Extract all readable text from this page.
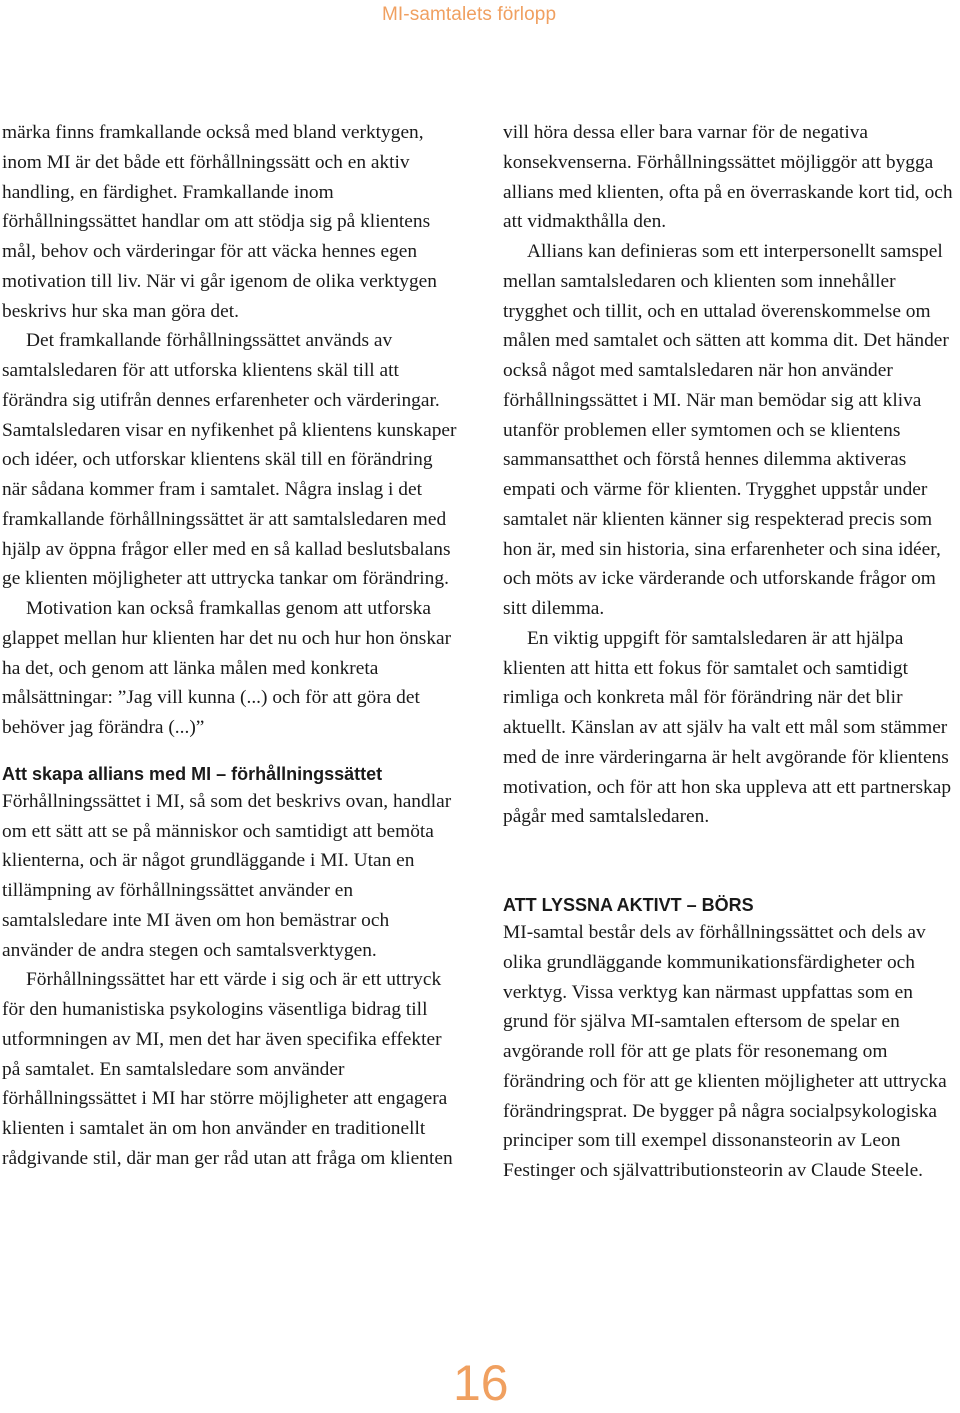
MI-samtalets förlopp

märka finns framkallande också med bland verktygen, inom MI är det både ett förhållningssätt och en aktiv handling, en färdighet. Framkallande inom förhållningssättet handlar om att stödja sig på klientens mål, behov och värderingar för att väcka hennes egen motivation till liv. När vi går igenom de olika verktygen beskrivs hur ska man göra det.

Det framkallande förhållningssättet används av samtalsledaren för att utforska klientens skäl till att förändra sig utifrån dennes erfarenheter och värderingar. Samtalsledaren visar en nyfikenhet på klientens kunskaper och idéer, och utforskar klientens skäl till en förändring när sådana kommer fram i samtalet. Några inslag i det framkallande förhållningssättet är att samtalsledaren med hjälp av öppna frågor eller med en så kallad beslutsbalans ge klienten möjligheter att uttrycka tankar om förändring.

Motivation kan också framkallas genom att utforska glappet mellan hur klienten har det nu och hur hon önskar ha det, och genom att länka målen med konkreta målsättningar: ”Jag vill kunna (...) och för att göra det behöver jag förändra (...)”

Att skapa allians med MI – förhållningssättet

Förhållningssättet i MI, så som det beskrivs ovan, handlar om ett sätt att se på människor och samtidigt att bemöta klienterna, och är något grundläggande i MI. Utan en tillämpning av förhållningssättet använder en samtalsledare inte MI även om hon bemästrar och använder de andra stegen och samtalsverktygen.

Förhållningssättet har ett värde i sig och är ett uttryck för den humanistiska psykologins väsentliga bidrag till utformningen av MI, men det har även specifika effekter på samtalet. En samtalsledare som använder förhållningssättet i MI har större möjligheter att engagera klienten i samtalet än om hon använder en traditionellt rådgivande stil, där man ger råd utan att fråga om klienten

vill höra dessa eller bara varnar för de negativa konsekvenserna. Förhållningssättet möjliggör att bygga allians med klienten, ofta på en överraskande kort tid, och att vidmakthålla den.

Allians kan definieras som ett interpersonellt samspel mellan samtalsledaren och klienten som innehåller trygghet och tillit, och en uttalad överenskommelse om målen med samtalet och sätten att komma dit. Det händer också något med samtalsledaren när hon använder förhållningssättet i MI. När man bemödar sig att kliva utanför problemen eller symtomen och se klientens sammansatthet och förstå hennes dilemma aktiveras empati och värme för klienten. Trygghet uppstår under samtalet när klienten känner sig respekterad precis som hon är, med sin historia, sina erfarenheter och sina idéer, och möts av icke värderande och utforskande frågor om sitt dilemma.

En viktig uppgift för samtalsledaren är att hjälpa klienten att hitta ett fokus för samtalet och samtidigt rimliga och konkreta mål för förändring när det blir aktuellt. Känslan av att själv ha valt ett mål som stämmer med de inre värderingarna är helt avgörande för klientens motivation, och för att hon ska uppleva att ett partnerskap pågår med samtalsledaren.

ATT LYSSNA AKTIVT – BÖRS

MI-samtal består dels av förhållningssättet och dels av olika grundläggande kommunikationsfärdigheter och verktyg. Vissa verktyg kan närmast uppfattas som en grund för själva MI-samtalen eftersom de spelar en avgörande roll för att ge plats för resonemang om förändring och för att ge klienten möjligheter att uttrycka förändringsprat. De bygger på några socialpsykologiska principer som till exempel dissonansteorin av Leon Festinger och självattributionsteorin av Claude Steele.

16
